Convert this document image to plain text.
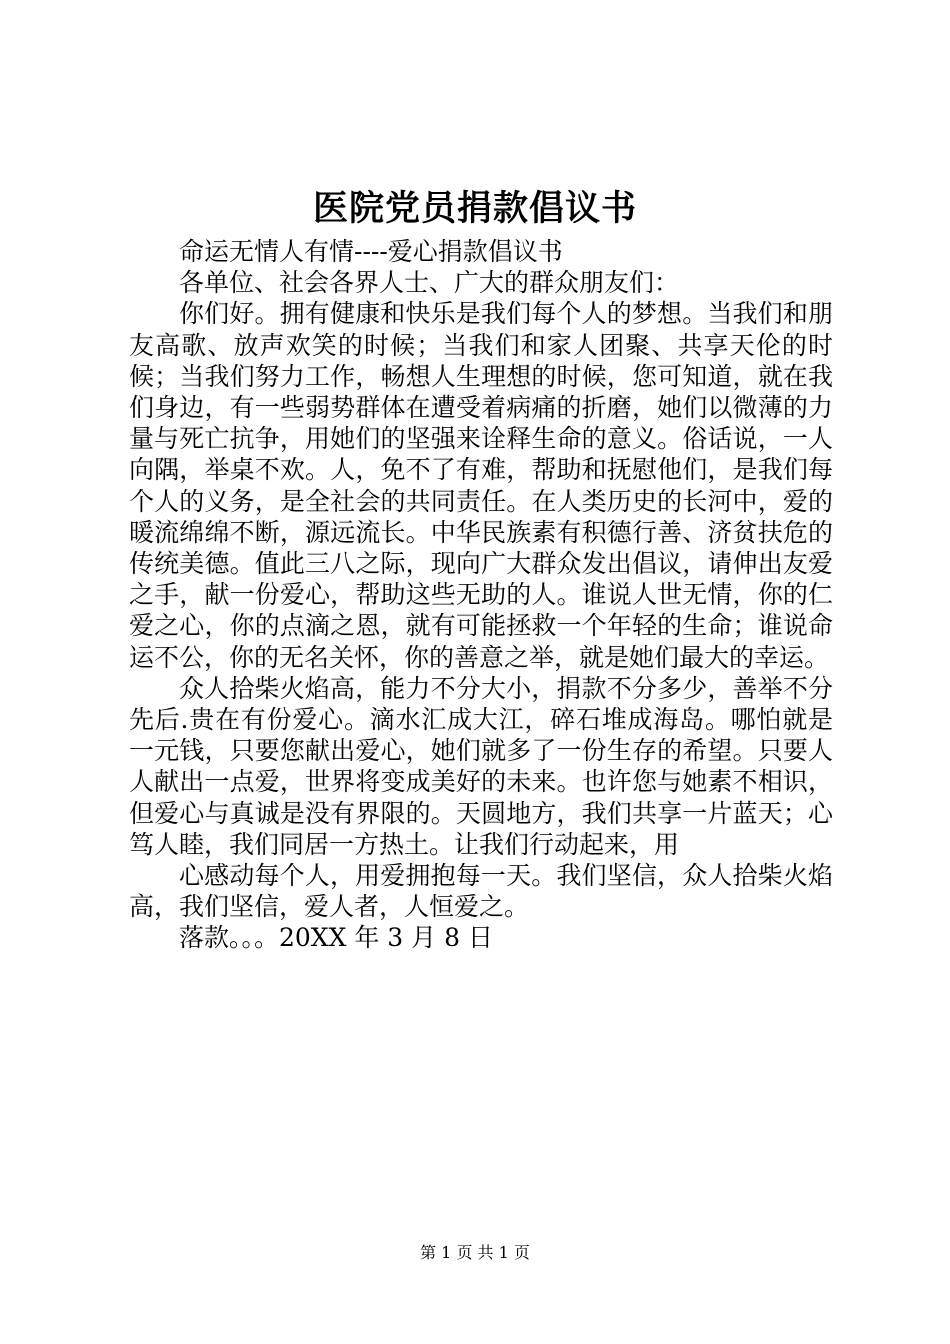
医院党员捐款倡议书

命运无情人有情----爱心捐款倡议书

各单位、社会各界人士、广大的群众朋友们：

你们好。拥有健康和快乐是我们每个人的梦想。当我们和朋友高歌、放声欢笑的时候；当我们和家人团聚、共享天伦的时候；当我们努力工作，畅想人生理想的时候，您可知道，就在我们身边，有一些弱势群体在遭受着病痛的折磨，她们以微薄的力量与死亡抗争，用她们的坚强来诠释生命的意义。俗话说，一人向隅，举桌不欢。人，免不了有难，帮助和抚慰他们，是我们每个人的义务，是全社会的共同责任。在人类历史的长河中，爱的暖流绵绵不断，源远流长。中华民族素有积德行善、济贫扶危的传统美德。值此三八之际，现向广大群众发出倡议，请伸出友爱之手，献一份爱心，帮助这些无助的人。谁说人世无情，你的仁爱之心，你的点滴之恩，就有可能拯救一个年轻的生命；谁说命运不公，你的无名关怀，你的善意之举，就是她们最大的幸运。

众人拾柴火焰高，能力不分大小，捐款不分多少，善举不分先后.贵在有份爱心。滴水汇成大江，碎石堆成海岛。哪怕就是一元钱，只要您献出爱心，她们就多了一份生存的希望。只要人人献出一点爱，世界将变成美好的未来。也许您与她素不相识，但爱心与真诚是没有界限的。天圆地方，我们共享一片蓝天；心笃人睦，我们同居一方热土。让我们行动起来，用

心感动每个人，用爱拥抱每一天。我们坚信，众人拾柴火焰高，我们坚信，爱人者，人恒爱之。

落款。。。20XX 年 3 月 8 日

第 1 页 共 1 页
